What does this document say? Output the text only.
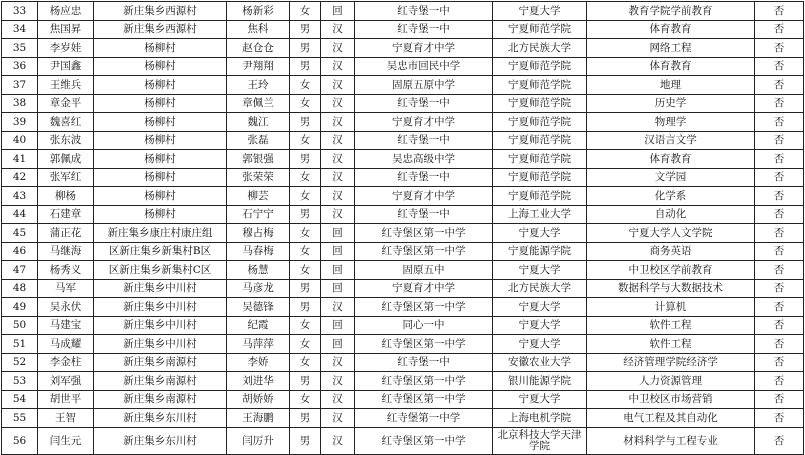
33	杨应忠	新庄集乡西源村	杨新彩	女	回	红寺堡一中	宁夏大学	教育学院学前教育	否
34	焦国昇	新庄集乡西源村	焦科	男	汉	红寺堡一中	宁夏师范学院	体育教育	否
35	李岁娃	杨柳村	赵仓仓	男	汉	宁夏育才中学	北方民族大学	网络工程	否
36	尹国鑫	杨柳村	尹翔翔	男	汉	吴忠市回民中学	宁夏师范学院	体育教育	否
37	王维兵	杨柳村	王玲	女	汉	固原五原中学	宁夏师范学院	地理	否
38	章金平	杨柳村	章佩兰	女	汉	红寺堡一中	宁夏师范学院	历史学	否
39	魏喜红	杨柳村	魏江	男	汉	宁夏育才中学	宁夏师范学院	物理学	否
40	张东波	杨柳村	张磊	女	汉	红寺堡一中	宁夏师范学院	汉语言文学	否
41	郭佩成	杨柳村	郭银强	男	汉	吴忠高级中学	宁夏师范学院	体育教育	否
42	张军红	杨柳村	张荣荣	女	汉	红寺堡一中	宁夏师范学院	文学园	否
43	柳杨	杨柳村	柳芸	女	汉	宁夏育才中学	宁夏师范学院	化学系	否
44	石建章	杨柳村	石宁宁	男	汉	红寺堡一中	上海工业大学	自动化	否
45	蒲正花	新庄集乡康庄村康庄组	穆占梅	女	回	红寺堡区第一中学	宁夏大学	宁夏大学人文学院	否
46	马继海	区新庄集乡新集村B区	马春梅	女	回	红寺堡区第一中学	宁夏能源学院	商务英语	否
47	杨秀义	区新庄集乡新集村C区	杨慧	女	回	固原五中	宁夏大学	中卫校区学前教育	否
48	马军	新庄集乡中川村	马彦龙	男	回	宁夏育才中学	北方民族大学	数据科学与大数据技术	否
49	吴永伏	新庄集乡中川村	吴德锋	男	汉	红寺堡区第一中学	宁夏大学	计算机	否
50	马建宝	新庄集乡中川村	纪霞	女	回	同心一中	宁夏大学	软件工程	否
51	马成耀	新庄集乡中川村	马萍萍	女	回	红寺堡区第一中学	宁夏大学	软件工程	否
52	李金柱	新庄集乡南源村	李娇	女	汉	红寺堡一中	安徽农业大学	经济管理学院经济学	否
53	刘军强	新庄集乡南源村	刘进华	男	汉	红寺堡区第一中学	银川能源学院	人力资源管理	否
54	胡世平	新庄集乡南源村	胡娇娇	女	汉	红寺堡区第一中学	宁夏大学	中卫校区市场营销	否
55	王智	新庄集乡东川村	王海鹏	男	汉	红寺堡第一中学	上海电机学院	电气工程及其自动化	否
56	闫生元	新庄集乡东川村	闫厉升	男	汉	红寺堡区第一中学	北京科技大学天津学院	材料科学与工程专业	否
